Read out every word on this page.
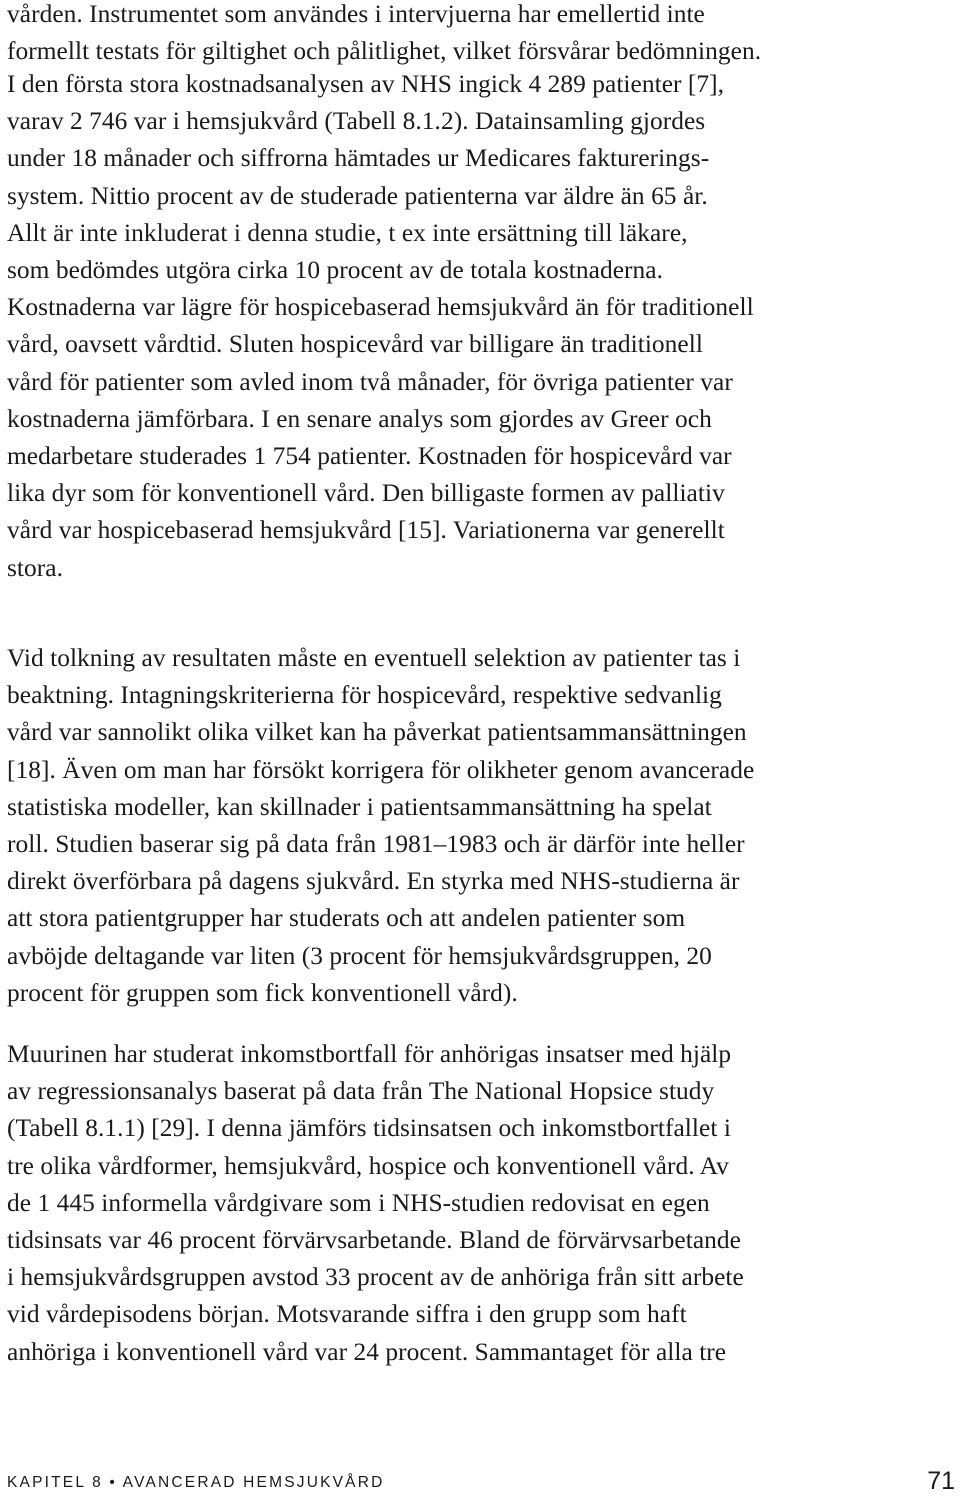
vården. Instrumentet som användes i intervjuerna har emellertid inte
formellt testats för giltighet och pålitlighet, vilket försvårar bedömningen.
I den första stora kostnadsanalysen av NHS ingick 4 289 patienter [7],
varav 2 746 var i hemsjukvård (Tabell 8.1.2). Datainsamling gjordes
under 18 månader och siffrorna hämtades ur Medicares fakturerings-
system. Nittio procent av de studerade patienterna var äldre än 65 år.
Allt är inte inkluderat i denna studie, t ex inte ersättning till läkare,
som bedömdes utgöra cirka 10 procent av de totala kostnaderna.
Kostnaderna var lägre för hospicebaserad hemsjukvård än för traditionell
vård, oavsett vårdtid. Sluten hospicevård var billigare än traditionell
vård för patienter som avled inom två månader, för övriga patienter var
kostnaderna jämförbara. I en senare analys som gjordes av Greer och
medarbetare studerades 1 754 patienter. Kostnaden för hospicevård var
lika dyr som för konventionell vård. Den billigaste formen av palliativ
vård var hospicebaserad hemsjukvård [15]. Variationerna var generellt
stora.
Vid tolkning av resultaten måste en eventuell selektion av patienter tas i
beaktning. Intagningskriterierna för hospicevård, respektive sedvanlig
vård var sannolikt olika vilket kan ha påverkat patientsammansättningen
[18]. Även om man har försökt korrigera för olikheter genom avancerade
statistiska modeller, kan skillnader i patientsammansättning ha spelat
roll. Studien baserar sig på data från 1981–1983 och är därför inte heller
direkt överförbara på dagens sjukvård. En styrka med NHS-studierna är
att stora patientgrupper har studerats och att andelen patienter som
avböjde deltagande var liten (3 procent för hemsjukvårdsgruppen, 20
procent för gruppen som fick konventionell vård).
Muurinen har studerat inkomstbortfall för anhörigas insatser med hjälp
av regressionsanalys baserat på data från The National Hopsice study
(Tabell 8.1.1) [29]. I denna jämförs tidsinsatsen och inkomstbortfallet i
tre olika vårdformer, hemsjukvård, hospice och konventionell vård. Av
de 1 445 informella vårdgivare som i NHS-studien redovisat en egen
tidsinsats var 46 procent förvärvsarbetande. Bland de förvärvsarbetande
i hemsjukvårdsgruppen avstod 33 procent av de anhöriga från sitt arbete
vid vårdepisodens början. Motsvarande siffra i den grupp som haft
anhöriga i konventionell vård var 24 procent. Sammantaget för alla tre
KAPITEL 8 • AVANCERAD HEMSJUKVÅRD	71
